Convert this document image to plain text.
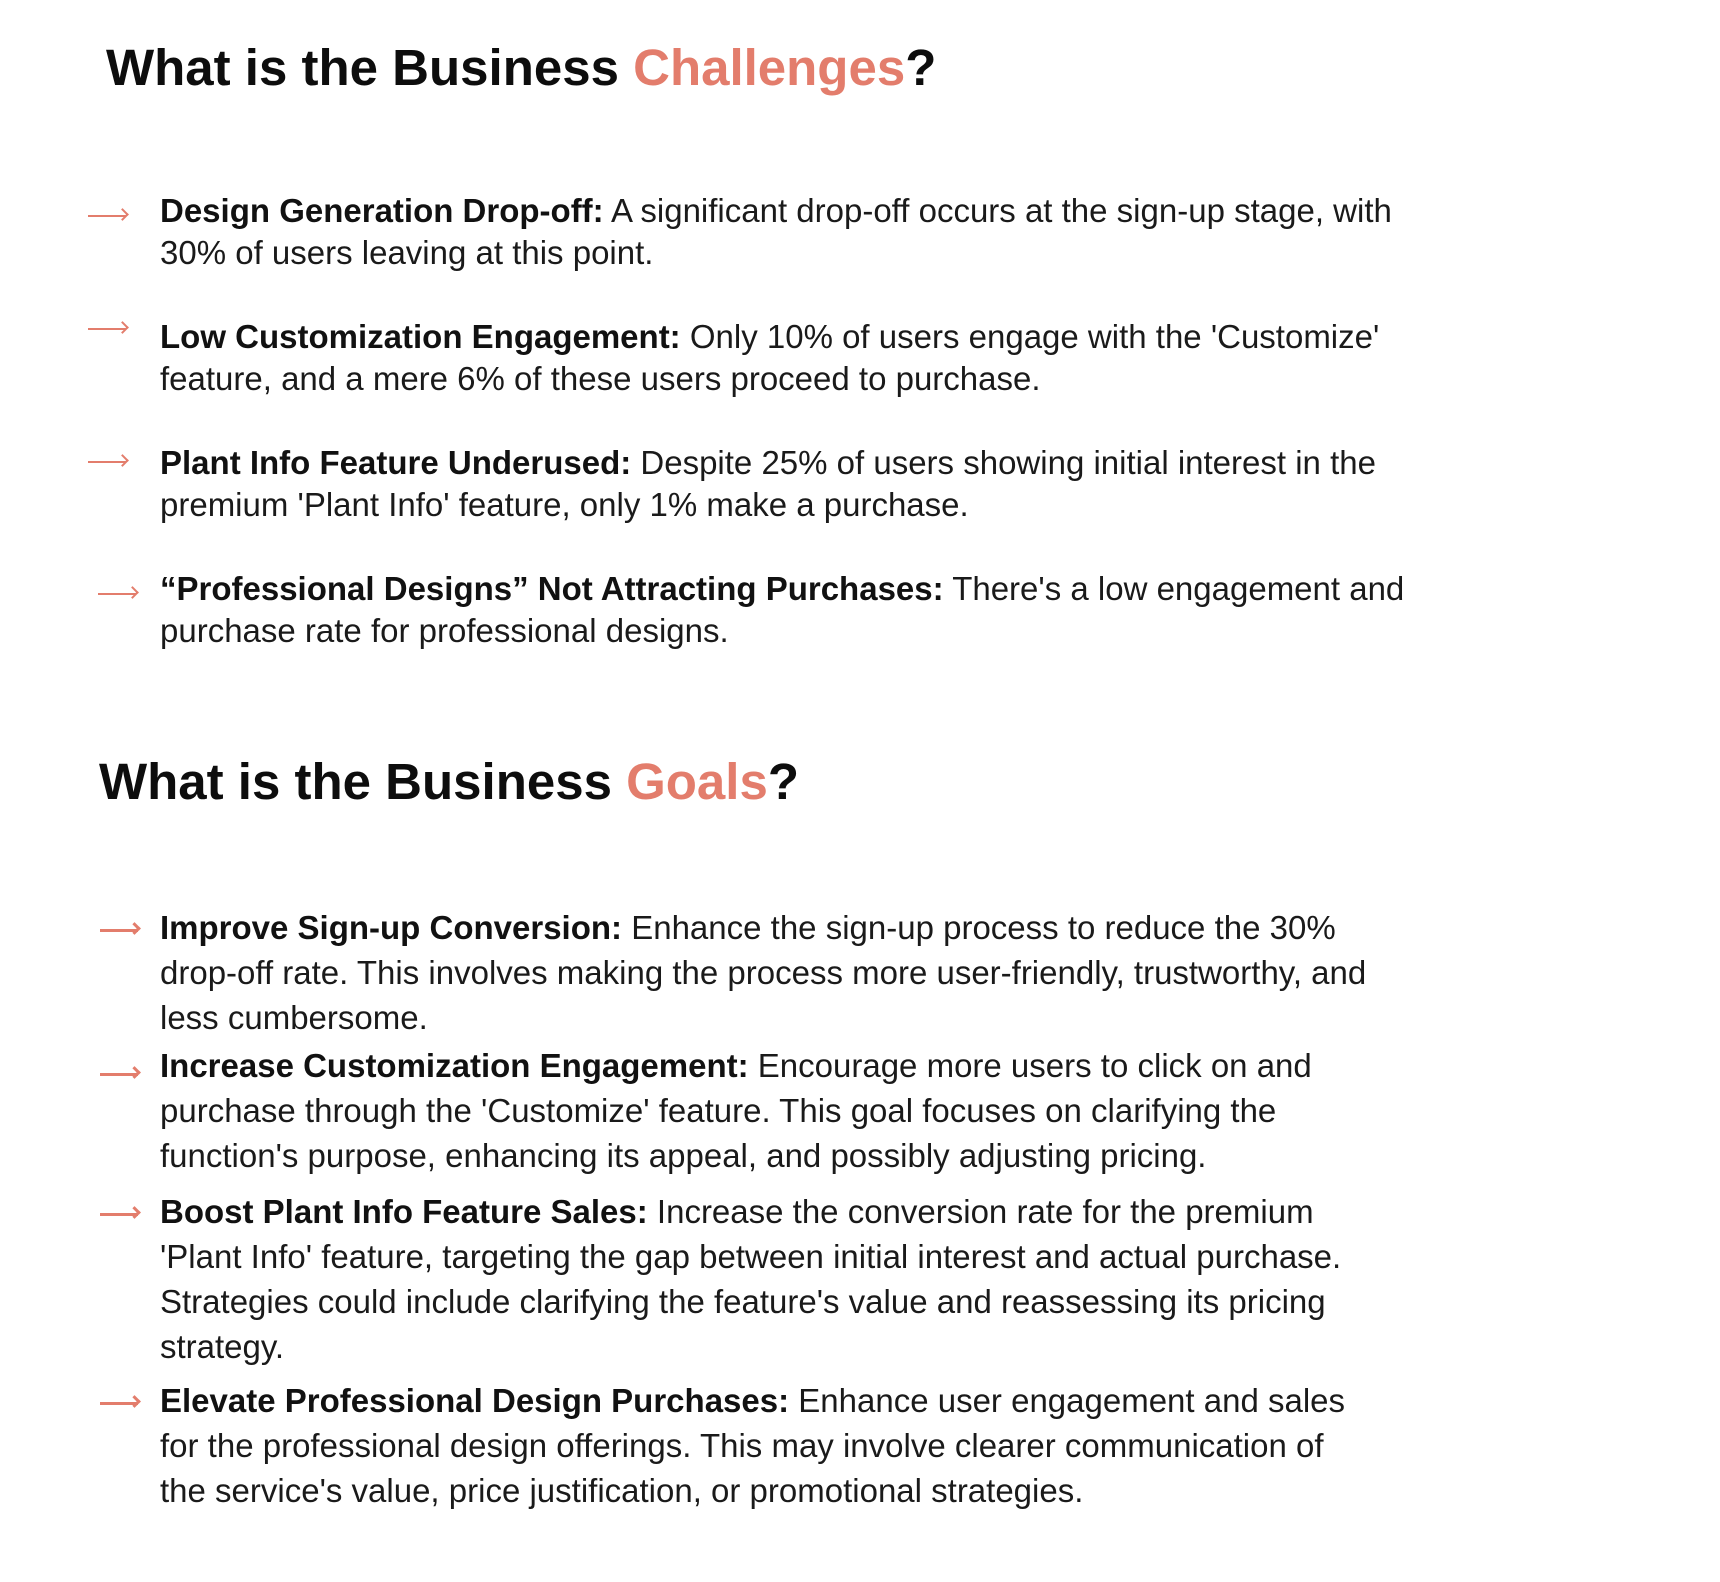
What is the Business Challenges?

Design Generation Drop-off: A significant drop-off occurs at the sign-up stage, with 30% of users leaving at this point.

Low Customization Engagement: Only 10% of users engage with the 'Customize' feature, and a mere 6% of these users proceed to purchase.

Plant Info Feature Underused: Despite 25% of users showing initial interest in the premium 'Plant Info' feature, only 1% make a purchase.

“Professional Designs” Not Attracting Purchases: There's a low engagement and purchase rate for professional designs.

What is the Business Goals?

Improve Sign-up Conversion: Enhance the sign-up process to reduce the 30% drop-off rate. This involves making the process more user-friendly, trustworthy, and less cumbersome.

Increase Customization Engagement: Encourage more users to click on and purchase through the 'Customize' feature. This goal focuses on clarifying the function's purpose, enhancing its appeal, and possibly adjusting pricing.

Boost Plant Info Feature Sales: Increase the conversion rate for the premium 'Plant Info' feature, targeting the gap between initial interest and actual purchase. Strategies could include clarifying the feature's value and reassessing its pricing strategy.

Elevate Professional Design Purchases: Enhance user engagement and sales for the professional design offerings. This may involve clearer communication of the service's value, price justification, or promotional strategies.
